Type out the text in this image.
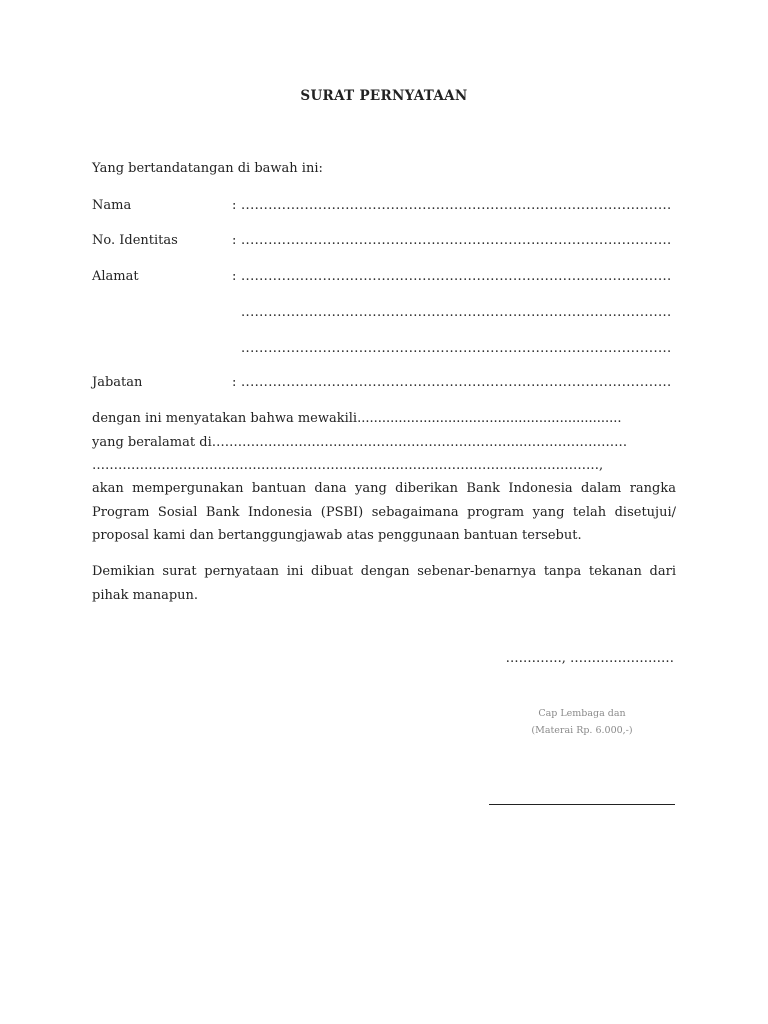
SURAT PERNYATAAN
Yang bertandatangan di bawah ini:
Nama	: ...............................................................................................
No. Identitas	: ...............................................................................................
Alamat	: ...............................................................................................
...............................................................................................
...............................................................................................
Jabatan	: ...............................................................................................
dengan ini menyatakan bahwa mewakili................................................................
yang beralamat di……………………………………………………………...……………………
………………………………………………………………………………………………………,
akan mempergunakan bantuan dana yang diberikan Bank Indonesia dalam rangka
Program Sosial Bank Indonesia (PSBI) sebagaimana program yang telah disetujui/
proposal kami dan bertanggungjawab atas penggunaan bantuan tersebut.
Demikian surat pernyataan ini dibuat dengan sebenar-benarnya tanpa tekanan dari
pihak manapun.
…………., ……………………
Cap Lembaga dan
(Materai Rp. 6.000,-)
